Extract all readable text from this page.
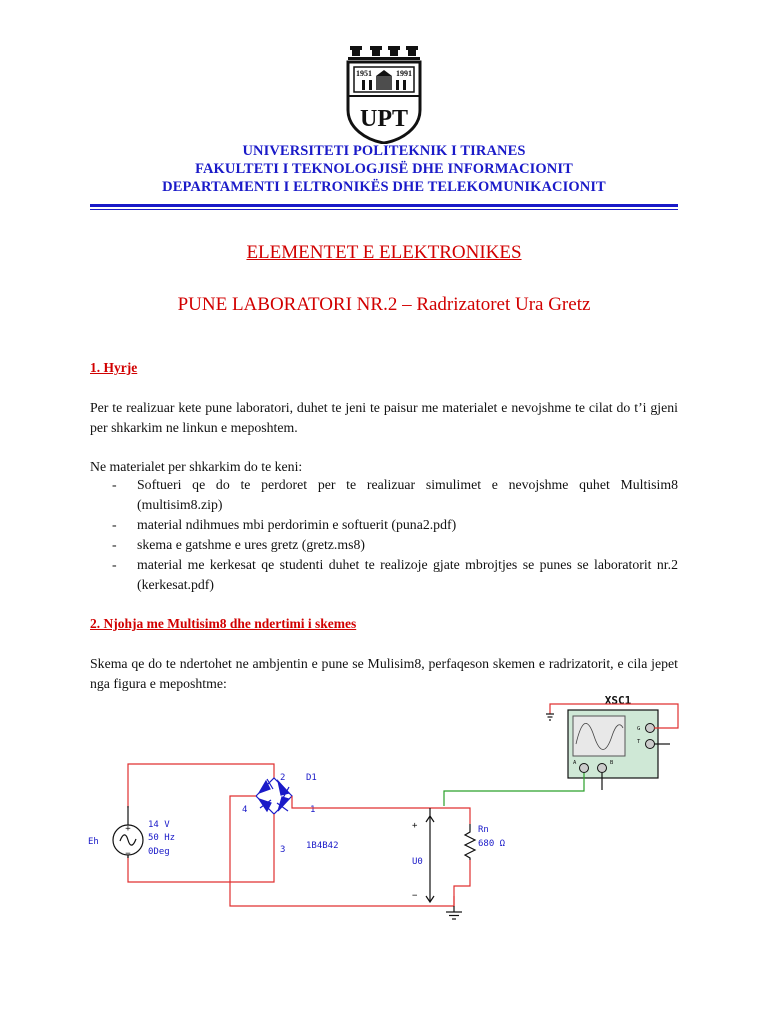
1951	1991
UPT
UNIVERSITETI POLITEKNIK I TIRANES
FAKULTETI I TEKNOLOGJISË DHE INFORMACIONIT
DEPARTAMENTI I ELTRONIKËS DHE TELEKOMUNIKACIONIT
ELEMENTET E ELEKTRONIKES
PUNE LABORATORI NR.2 – Radrizatoret Ura Gretz
1. Hyrje
Per te realizuar kete pune laboratori, duhet te jeni te paisur me materialet e nevojshme te cilat do t’i gjeni per shkarkim ne linkun e meposhtem.
Ne materialet per shkarkim do te keni:
- Softueri qe do te perdoret per te realizuar simulimet e nevojshme quhet Multisim8 (multisim8.zip)
- material ndihmues mbi perdorimin e softuerit (puna2.pdf)
- skema e gatshme e ures gretz (gretz.ms8)
- material me kerkesat qe studenti duhet te realizoje gjate mbrojtjes se punes se laboratorit nr.2 (kerkesat.pdf)
2. Njohja me Multisim8 dhe ndertimi i skemes
Skema qe do te ndertohet ne ambjentin e pune se Mulisim8, perfaqeson skemen e radrizatorit, e cila jepet nga figura e meposhtme:
XSC1
G
T
A	B
+
−
Eh
14 V
50 Hz
0Deg
2
4	1
3
D1
1B4B42
+
U0
−
Rn
680 Ω
